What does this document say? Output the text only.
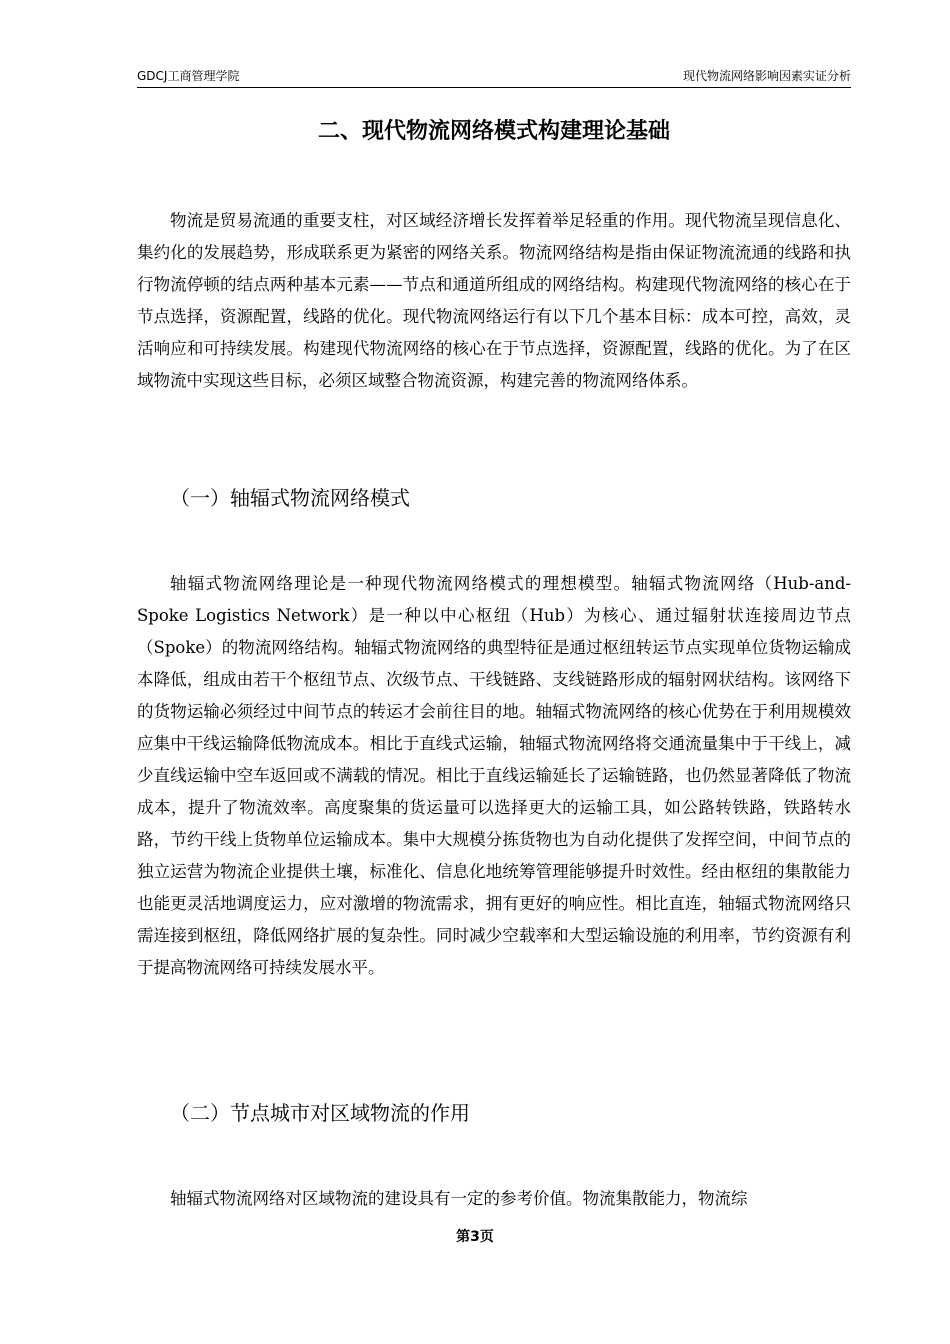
GDCJ工商管理学院	现代物流网络影响因素实证分析
二、现代物流网络模式构建理论基础

物流是贸易流通的重要支柱，对区域经济增长发挥着举足轻重的作用。现代物流呈现信息化、集约化的发展趋势，形成联系更为紧密的网络关系。物流网络结构是指由保证物流流通的线路和执行物流停顿的结点两种基本元素——节点和通道所组成的网络结构。构建现代物流网络的核心在于节点选择，资源配置，线路的优化。现代物流网络运行有以下几个基本目标：成本可控，高效，灵活响应和可持续发展。构建现代物流网络的核心在于节点选择，资源配置，线路的优化。为了在区域物流中实现这些目标，必须区域整合物流资源，构建完善的物流网络体系。

（一）轴辐式物流网络模式

轴辐式物流网络理论是一种现代物流网络模式的理想模型。轴辐式物流网络（Hub-and-Spoke Logistics Network）是一种以中心枢纽（Hub）为核心、通过辐射状连接周边节点（Spoke）的物流网络结构。轴辐式物流网络的典型特征是通过枢纽转运节点实现单位货物运输成本降低，组成由若干个枢纽节点、次级节点、干线链路、支线链路形成的辐射网状结构。该网络下的货物运输必须经过中间节点的转运才会前往目的地。轴辐式物流网络的核心优势在于利用规模效应集中干线运输降低物流成本。相比于直线式运输，轴辐式物流网络将交通流量集中于干线上，减少直线运输中空车返回或不满载的情况。相比于直线运输延长了运输链路，也仍然显著降低了物流成本，提升了物流效率。高度聚集的货运量可以选择更大的运输工具，如公路转铁路，铁路转水路，节约干线上货物单位运输成本。集中大规模分拣货物也为自动化提供了发挥空间，中间节点的独立运营为物流企业提供土壤，标准化、信息化地统筹管理能够提升时效性。经由枢纽的集散能力也能更灵活地调度运力，应对激增的物流需求，拥有更好的响应性。相比直连，轴辐式物流网络只需连接到枢纽，降低网络扩展的复杂性。同时减少空载率和大型运输设施的利用率，节约资源有利于提高物流网络可持续发展水平。

（二）节点城市对区域物流的作用

轴辐式物流网络对区域物流的建设具有一定的参考价值。物流集散能力，物流综

第3页
